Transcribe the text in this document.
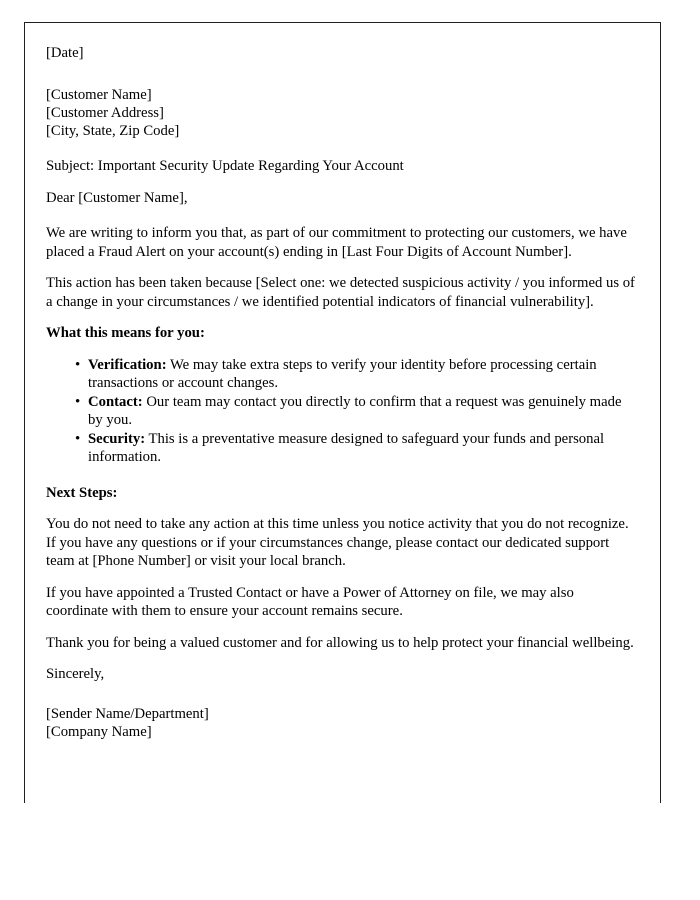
[Date]
[Customer Name]
[Customer Address]
[City, State, Zip Code]

Subject: Important Security Update Regarding Your Account

Dear [Customer Name],

We are writing to inform you that, as part of our commitment to protecting our customers, we have placed a Fraud Alert on your account(s) ending in [Last Four Digits of Account Number].

This action has been taken because [Select one: we detected suspicious activity / you informed us of a change in your circumstances / we identified potential indicators of financial vulnerability].

What this means for you:

• Verification: We may take extra steps to verify your identity before processing certain transactions or account changes.
• Contact: Our team may contact you directly to confirm that a request was genuinely made by you.
• Security: This is a preventative measure designed to safeguard your funds and personal information.

Next Steps:

You do not need to take any action at this time unless you notice activity that you do not recognize. If you have any questions or if your circumstances change, please contact our dedicated support team at [Phone Number] or visit your local branch.

If you have appointed a Trusted Contact or have a Power of Attorney on file, we may also coordinate with them to ensure your account remains secure.

Thank you for being a valued customer and for allowing us to help protect your financial wellbeing.

Sincerely,

[Sender Name/Department]
[Company Name]
